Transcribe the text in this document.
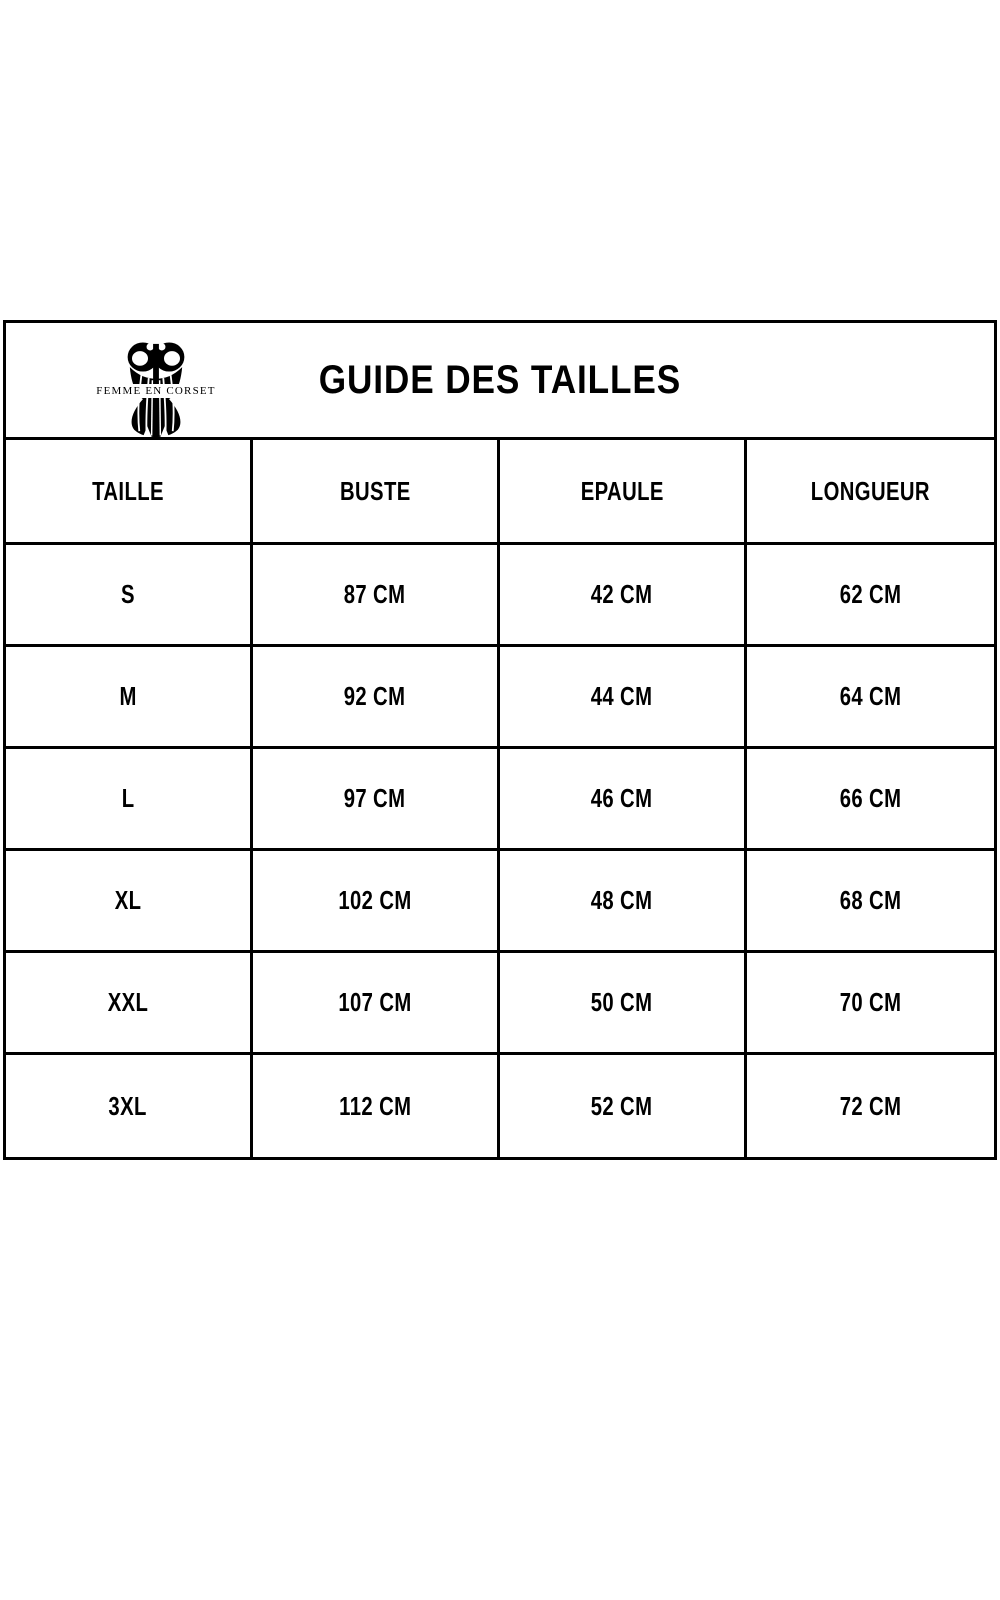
FEMME EN CORSET	GUIDE DES TAILLES
TAILLE	BUSTE	EPAULE	LONGUEUR
S	87 CM	42 CM	62 CM
M	92 CM	44 CM	64 CM
L	97 CM	46 CM	66 CM
XL	102 CM	48 CM	68 CM
XXL	107 CM	50 CM	70 CM
3XL	112 CM	52 CM	72 CM
